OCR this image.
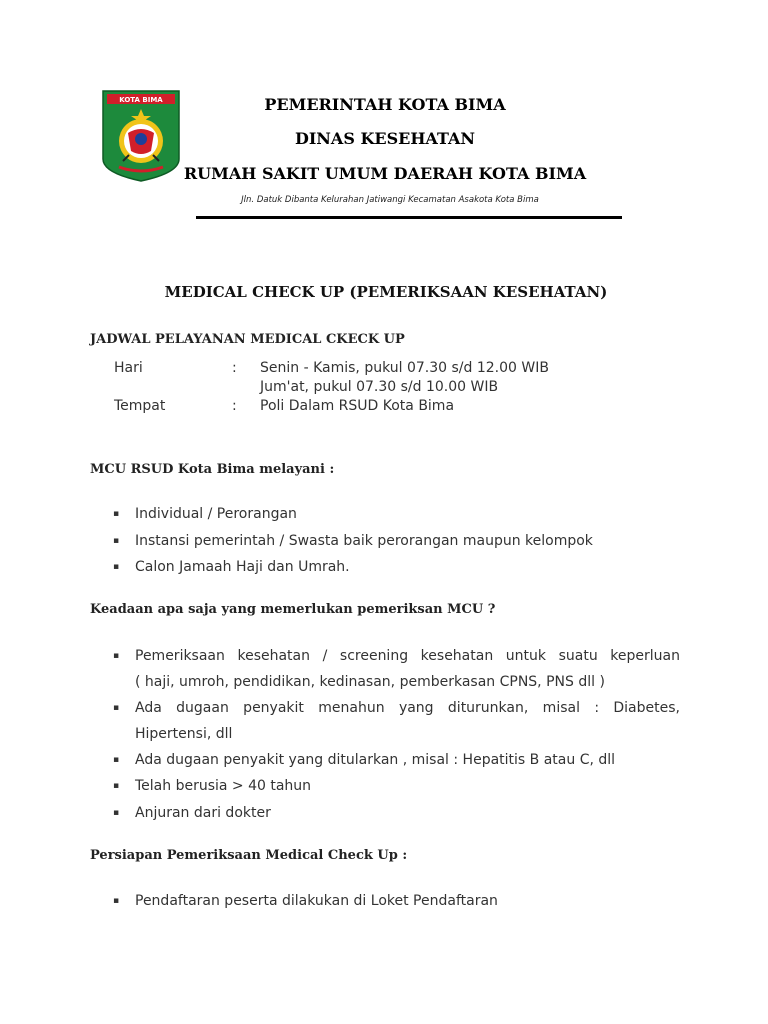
KOTA BIMA	PEMERINTAH KOTA BIMA
DINAS KESEHATAN
RUMAH SAKIT UMUM DAERAH KOTA BIMA
Jln. Datuk Dibanta Kelurahan Jatiwangi Kecamatan Asakota Kota Bima
MEDICAL CHECK UP (PEMERIKSAAN KESEHATAN)
JADWAL PELAYANAN MEDICAL CKECK UP
Hari	: Senin - Kamis, pukul 07.30 s/d 12.00 WIB
Jum'at, pukul 07.30 s/d 10.00 WIB
Tempat	: Poli Dalam RSUD Kota Bima
MCU RSUD Kota Bima melayani :
▪ Individual / Perorangan
▪ Instansi pemerintah / Swasta baik perorangan maupun kelompok
▪ Calon Jamaah Haji dan Umrah.
Keadaan apa saja yang memerlukan pemeriksan MCU ?
▪ Pemeriksaan kesehatan / screening kesehatan untuk suatu keperluan
( haji, umroh, pendidikan, kedinasan, pemberkasan CPNS, PNS dll )
▪ Ada dugaan penyakit menahun yang diturunkan, misal : Diabetes,
Hipertensi, dll
▪ Ada dugaan penyakit yang ditularkan , misal : Hepatitis B atau C, dll
▪ Telah berusia > 40 tahun
▪ Anjuran dari dokter
Persiapan Pemeriksaan Medical Check Up :
▪ Pendaftaran peserta dilakukan di Loket Pendaftaran
